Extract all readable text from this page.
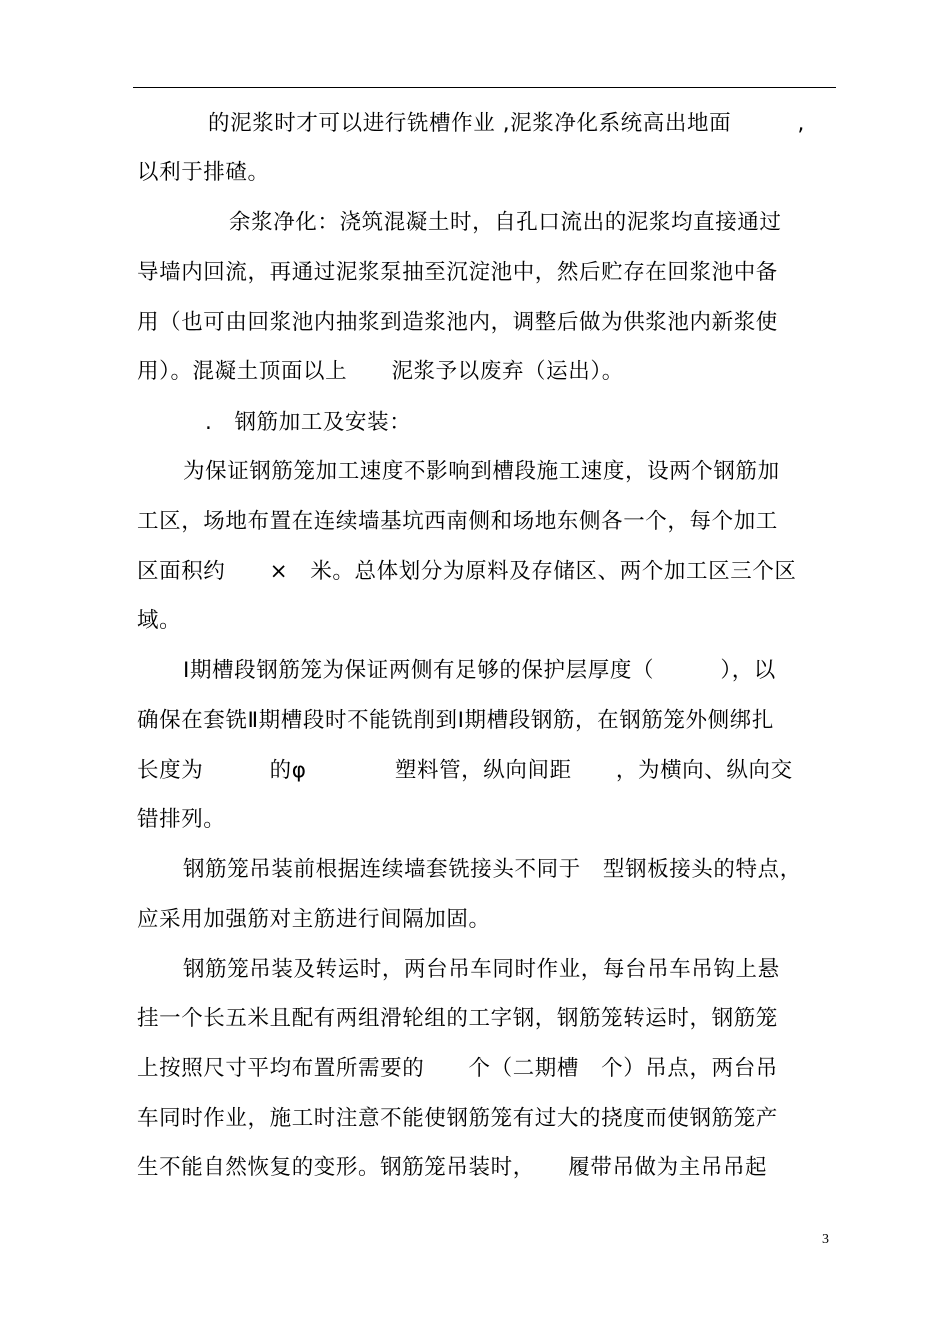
的泥浆时才可以进行铣槽作业 ,泥浆净化系统高出地面　　　,
以利于排碴。
余浆净化：浇筑混凝土时，自孔口流出的泥浆均直接通过
导墙内回流，再通过泥浆泵抽至沉淀池中，然后贮存在回浆池中备
用（也可由回浆池内抽浆到造浆池内，调整后做为供浆池内新浆使
用）。混凝土顶面以上　　泥浆予以废弃（运出）。
.　钢筋加工及安装：
为保证钢筋笼加工速度不影响到槽段施工速度，设两个钢筋加
工区，场地布置在连续墙基坑西南侧和场地东侧各一个，每个加工
区面积约　　×　米。总体划分为原料及存储区、两个加工区三个区
域。
Ⅰ期槽段钢筋笼为保证两侧有足够的保护层厚度（　　　），以
确保在套铣Ⅱ期槽段时不能铣削到Ⅰ期槽段钢筋，在钢筋笼外侧绑扎
长度为　　　的φ　　　　塑料管，纵向间距　　，为横向、纵向交
错排列。
钢筋笼吊装前根据连续墙套铣接头不同于　型钢板接头的特点，
应采用加强筋对主筋进行间隔加固。
钢筋笼吊装及转运时，两台吊车同时作业，每台吊车吊钩上悬
挂一个长五米且配有两组滑轮组的工字钢，钢筋笼转运时，钢筋笼
上按照尺寸平均布置所需要的　　个（二期槽　个）吊点，两台吊
车同时作业，施工时注意不能使钢筋笼有过大的挠度而使钢筋笼产
生不能自然恢复的变形。钢筋笼吊装时，　　履带吊做为主吊吊起
3
